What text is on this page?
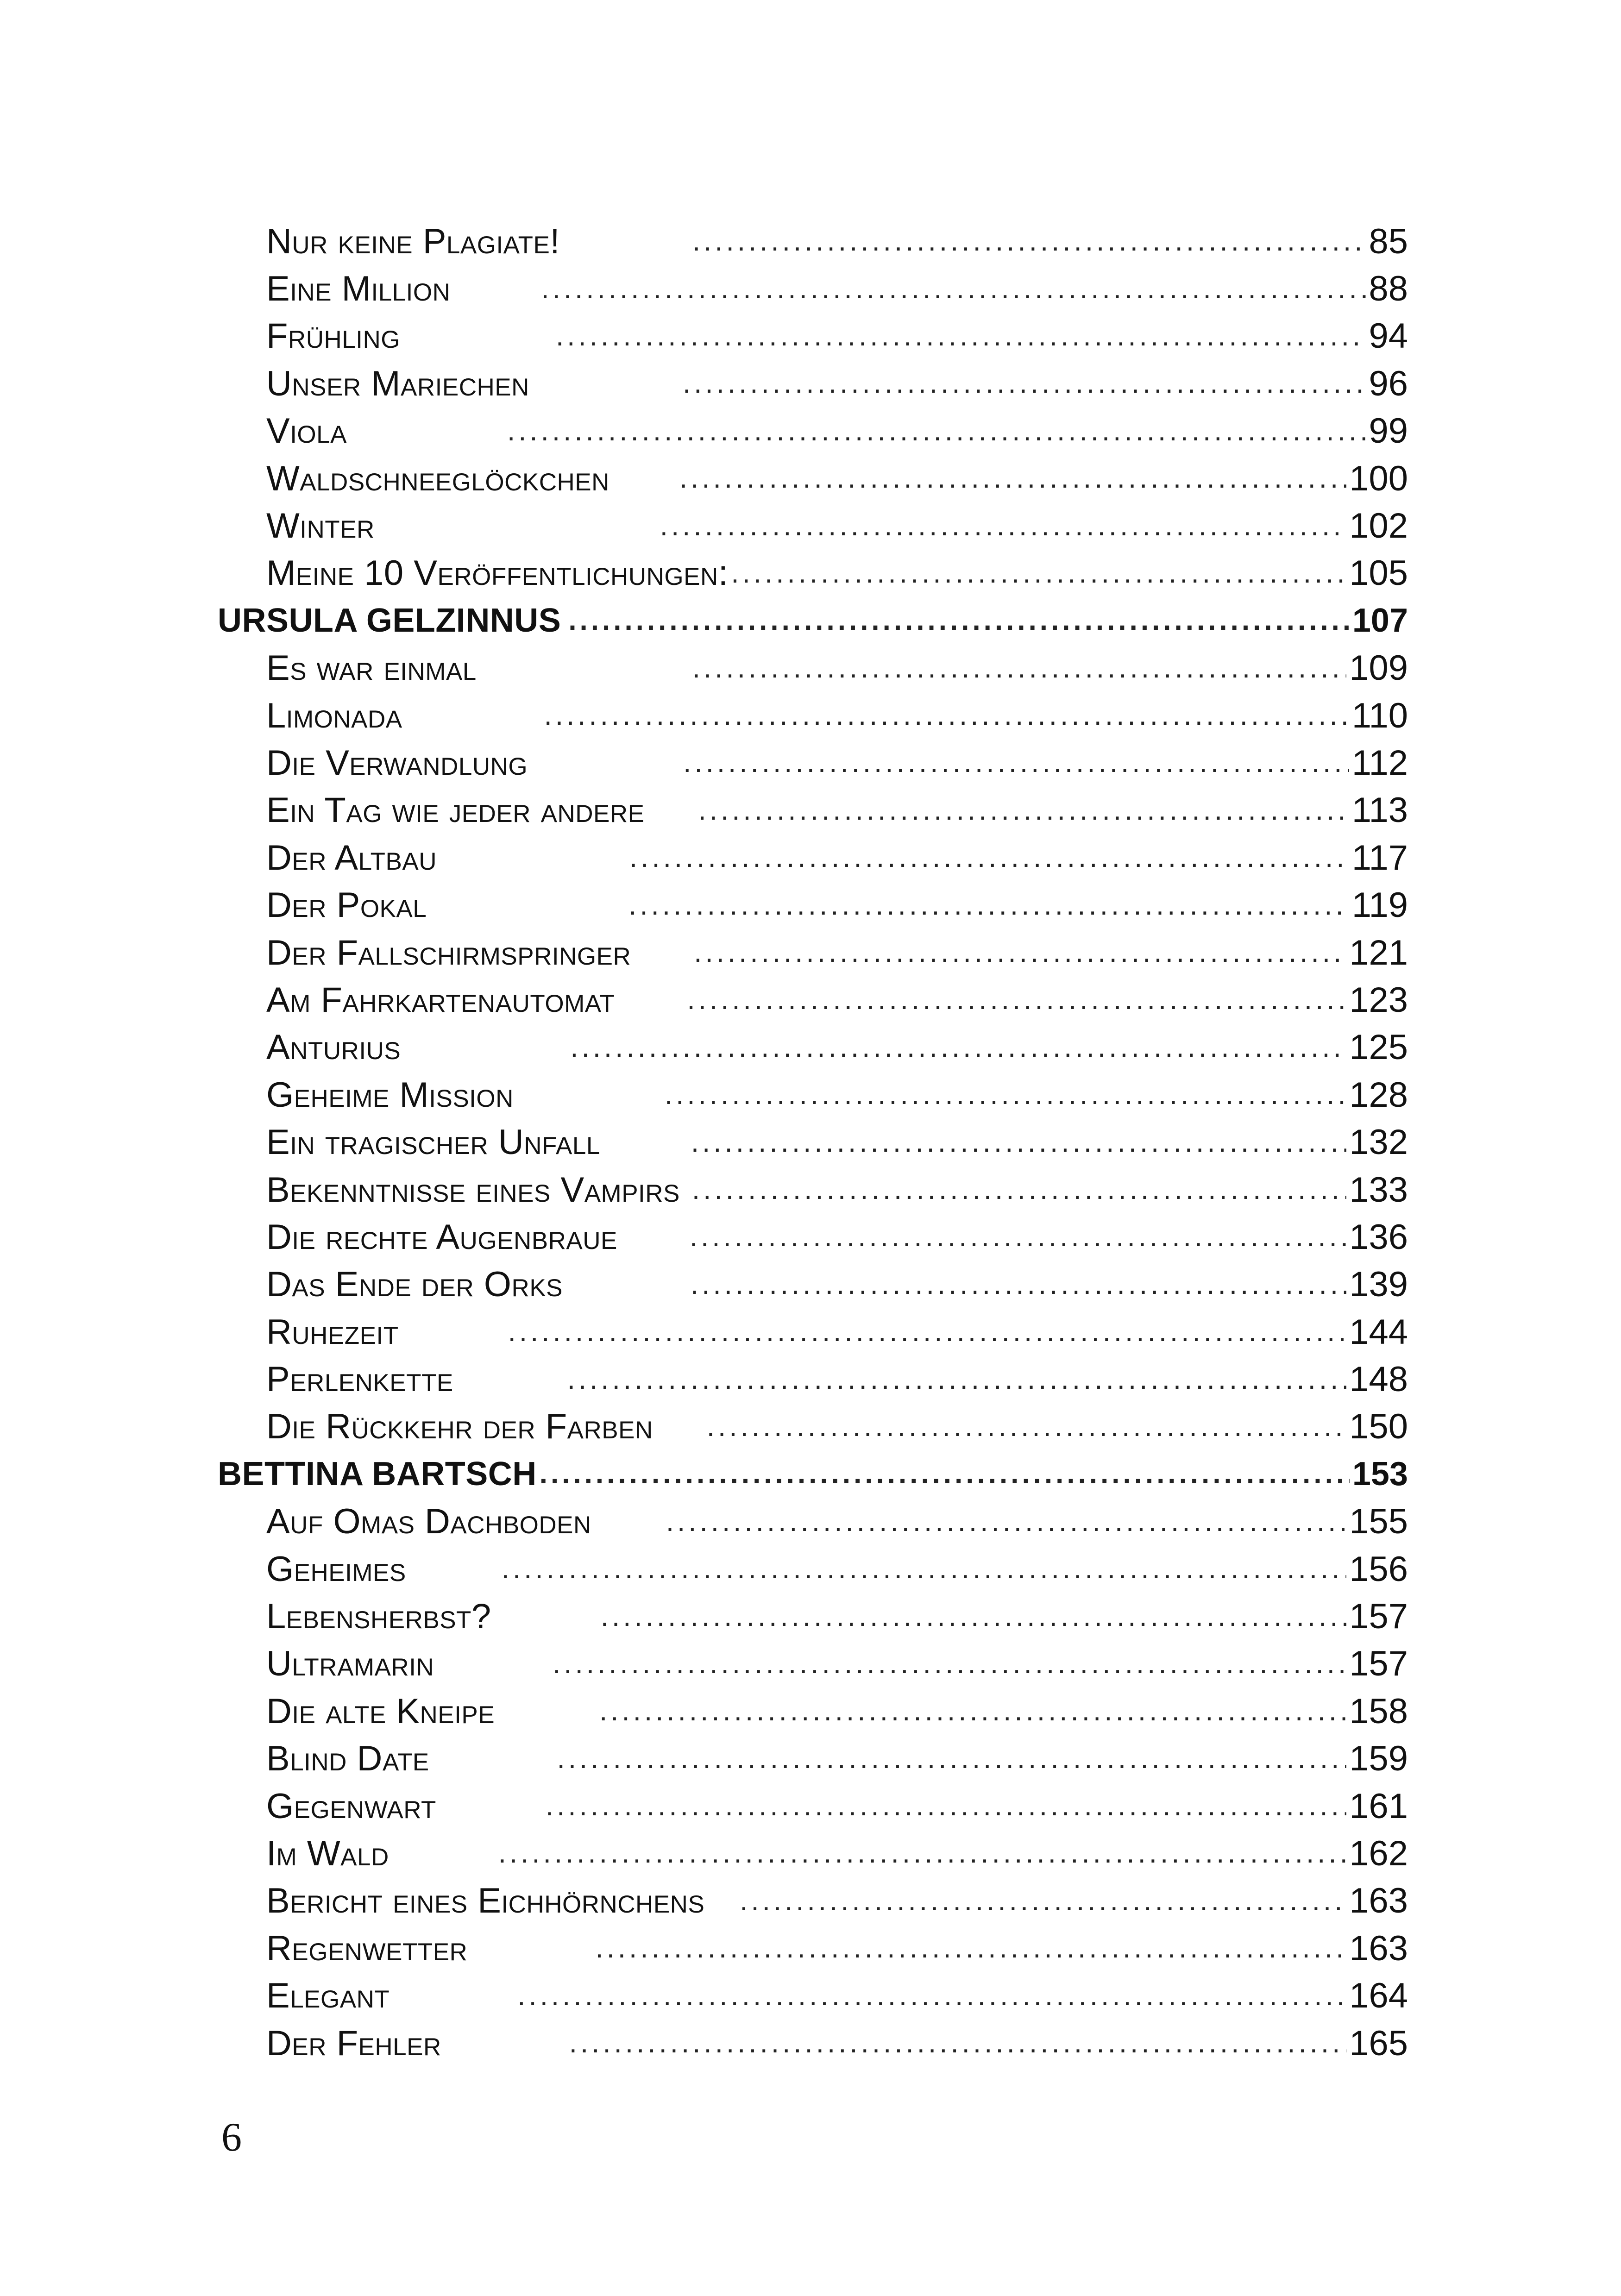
Nur keine Plagiate! .....	85
Eine Million .....	88
Frühling .....	94
Unser Mariechen .....	96
Viola .....	99
Waldschneeglöckchen .....	100
Winter .....	102
Meine 10 Veröffentlichungen: .....	105
URSULA GELZINNUS .....	107
Es war einmal .....	109
Limonada .....	110
Die Verwandlung .....	112
Ein Tag wie jeder andere .....	113
Der Altbau .....	117
Der Pokal .....	119
Der Fallschirmspringer .....	121
Am Fahrkartenautomat .....	123
Anturius .....	125
Geheime Mission .....	128
Ein tragischer Unfall .....	132
Bekenntnisse eines Vampirs .....	133
Die rechte Augenbraue .....	136
Das Ende der Orks .....	139
Ruhezeit .....	144
Perlenkette .....	148
Die Rückkehr der Farben .....	150
BETTINA BARTSCH .....	153
Auf Omas Dachboden .....	155
Geheimes .....	156
Lebensherbst? .....	157
Ultramarin .....	157
Die alte Kneipe .....	158
Blind Date .....	159
Gegenwart .....	161
Im Wald .....	162
Bericht eines Eichhörnchens .....	163
Regenwetter .....	163
Elegant .....	164
Der Fehler .....	165
6
